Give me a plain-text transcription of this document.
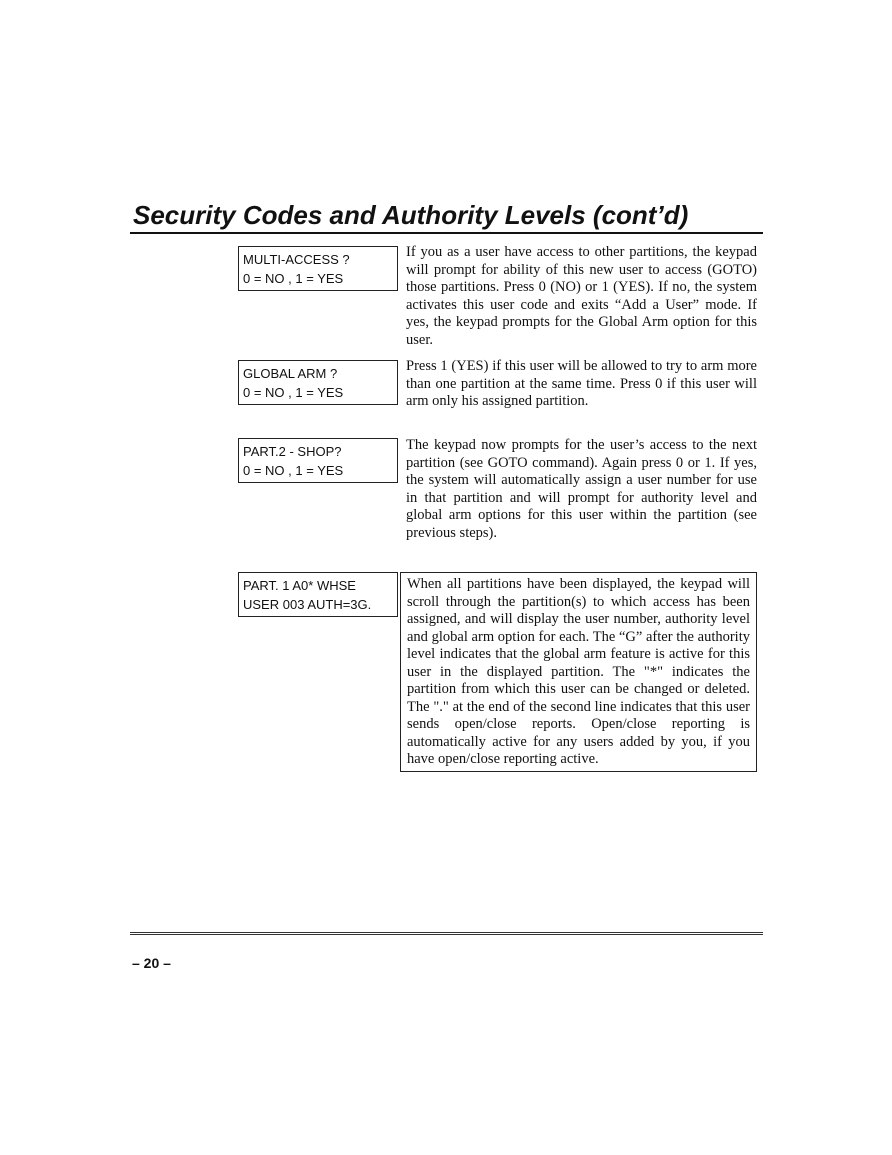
Security Codes and Authority Levels (cont’d)
MULTI-ACCESS ?
0 = NO , 1 = YES

If you as a user have access to other partitions, the keypad will prompt for ability of this new user to access (GOTO) those partitions. Press 0 (NO) or 1 (YES). If no, the system activates this user code and exits “Add a User” mode. If yes, the keypad prompts for the Global Arm option for this user.

GLOBAL ARM ?
0 = NO , 1 = YES

Press 1 (YES) if this user will be allowed to try to arm more than one partition at the same time. Press 0 if this user will arm only his assigned partition.

PART.2 - SHOP?
0 = NO , 1 = YES

The keypad now prompts for the user’s access to the next partition (see GOTO command). Again press 0 or 1. If yes, the system will automatically assign a user number for use in that partition and will prompt for authority level and global arm options for this user within the partition (see previous steps).

PART. 1 A0* WHSE
USER 003 AUTH=3G.

When all partitions have been displayed, the keypad will scroll through the partition(s) to which access has been assigned, and will display the user number, authority level and global arm option for each. The “G” after the authority level indicates that the global arm feature is active for this user in the displayed partition. The "*" indicates the partition from which this user can be changed or deleted. The "." at the end of the second line indicates that this user sends open/close reports. Open/close reporting is automatically active for any users added by you, if you have open/close reporting active.

– 20 –
